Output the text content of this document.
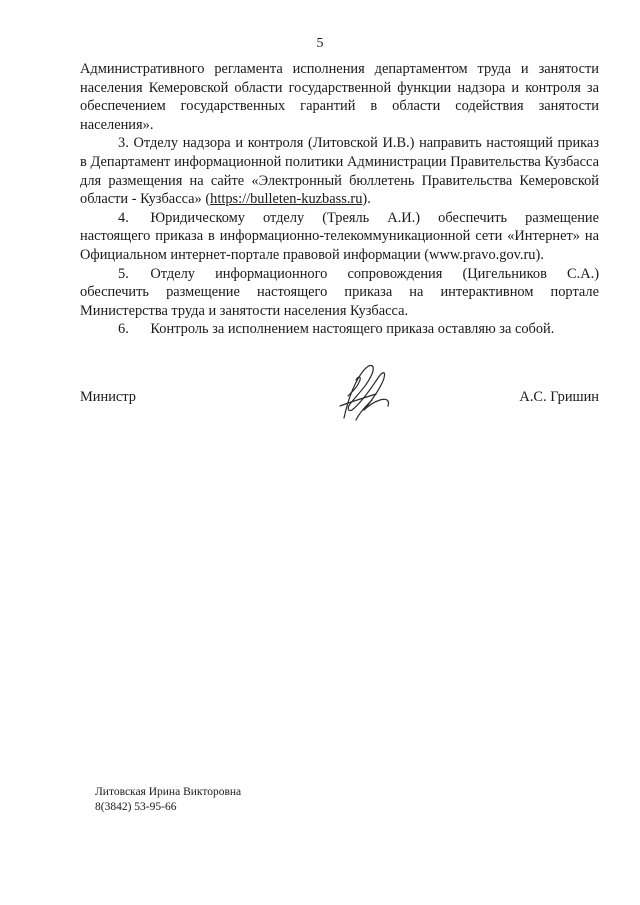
5

Административного регламента исполнения департаментом труда и занятости населения Кемеровской области государственной функции надзора и контроля за обеспечением государственных гарантий в области содействия занятости населения».

3. Отделу надзора и контроля (Литовской И.В.) направить настоящий приказ в Департамент информационной политики Администрации Правительства Кузбасса для размещения на сайте «Электронный бюллетень Правительства Кемеровской области - Кузбасса» (https://bulleten-kuzbass.ru).

4.  Юридическому отделу (Треяль А.И.) обеспечить размещение настоящего приказа в информационно-телекоммуникационной сети «Интернет» на Официальном интернет-портале правовой информации (www.pravo.gov.ru).

5.  Отделу информационного сопровождения (Цигельников С.А.) обеспечить размещение настоящего приказа на интерактивном портале Министерства труда и занятости населения Кузбасса.

6.  Контроль за исполнением настоящего приказа оставляю за собой.

Министр	А.С. Гришин
Литовская Ирина Викторовна
8(3842) 53-95-66
